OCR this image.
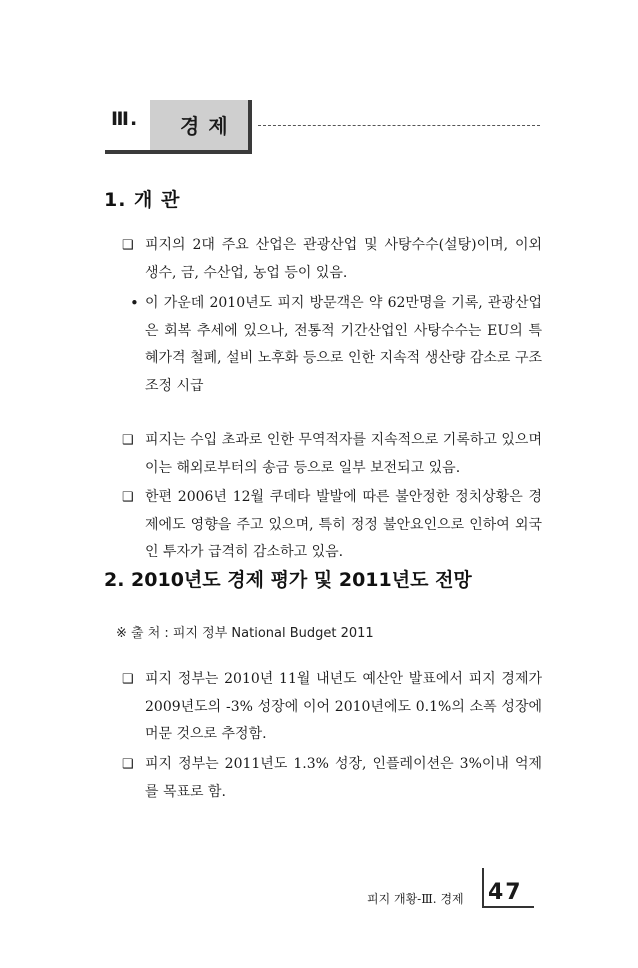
Ⅲ. 경제
1. 개 관
❑ 피지의 2대 주요 산업은 관광산업 및 사탕수수(설탕)이며, 이외 생수, 금, 수산업, 농업 등이 있음.
• 이 가운데 2010년도 피지 방문객은 약 62만명을 기록, 관광산업은 회복 추세에 있으나, 전통적 기간산업인 사탕수수는 EU의 특혜가격 철폐, 설비 노후화 등으로 인한 지속적 생산량 감소로 구조조정 시급
❑ 피지는 수입 초과로 인한 무역적자를 지속적으로 기록하고 있으며 이는 해외로부터의 송금 등으로 일부 보전되고 있음.
❑ 한편 2006년 12월 쿠데타 발발에 따른 불안정한 정치상황은 경제에도 영향을 주고 있으며, 특히 정정 불안요인으로 인하여 외국인 투자가 급격히 감소하고 있음.
2. 2010년도 경제 평가 및 2011년도 전망
※ 출 처 : 피지 정부 National Budget 2011
❑ 피지 정부는 2010년 11월 내년도 예산안 발표에서 피지 경제가 2009년도의 -3% 성장에 이어 2010년에도 0.1%의 소폭 성장에 머문 것으로 추정함.
❑ 피지 정부는 2011년도 1.3% 성장, 인플레이션은 3%이내 억제를 목표로 함.
피지 개황-Ⅲ. 경제 47
